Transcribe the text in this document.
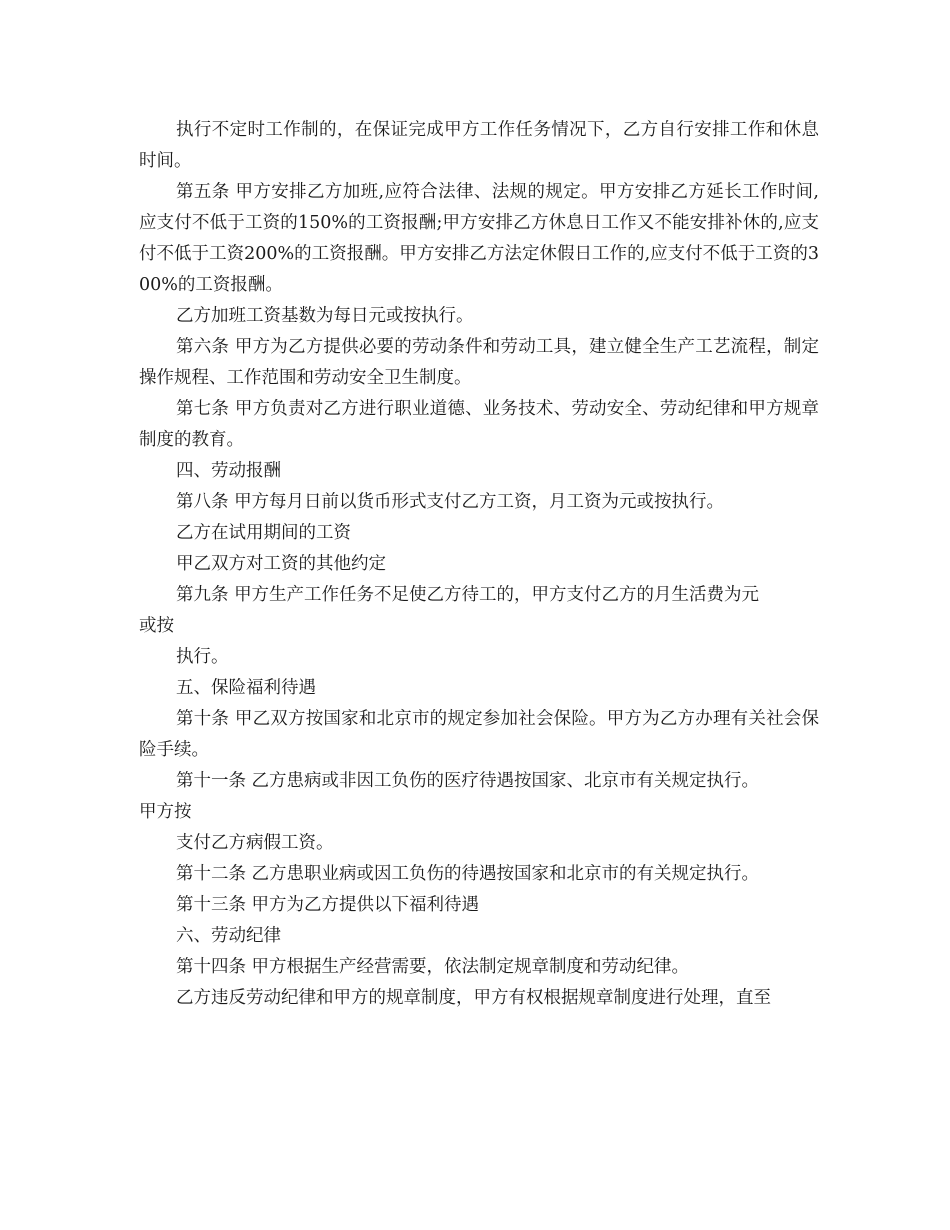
执行不定时工作制的，在保证完成甲方工作任务情况下，乙方自行安排工作和休息时间。

第五条 甲方安排乙方加班,应符合法律、法规的规定。甲方安排乙方延长工作时间,应支付不低于工资的150%的工资报酬;甲方安排乙方休息日工作又不能安排补休的,应支付不低于工资200%的工资报酬。甲方安排乙方法定休假日工作的,应支付不低于工资的300%的工资报酬。

乙方加班工资基数为每日元或按执行。

第六条 甲方为乙方提供必要的劳动条件和劳动工具，建立健全生产工艺流程，制定操作规程、工作范围和劳动安全卫生制度。

第七条 甲方负责对乙方进行职业道德、业务技术、劳动安全、劳动纪律和甲方规章制度的教育。

四、劳动报酬

第八条 甲方每月日前以货币形式支付乙方工资，月工资为元或按执行。

乙方在试用期间的工资

甲乙双方对工资的其他约定

第九条 甲方生产工作任务不足使乙方待工的，甲方支付乙方的月生活费为元

或按

执行。

五、保险福利待遇

第十条 甲乙双方按国家和北京市的规定参加社会保险。甲方为乙方办理有关社会保险手续。

第十一条 乙方患病或非因工负伤的医疗待遇按国家、北京市有关规定执行。

甲方按

支付乙方病假工资。

第十二条 乙方患职业病或因工负伤的待遇按国家和北京市的有关规定执行。

第十三条 甲方为乙方提供以下福利待遇

六、劳动纪律

第十四条 甲方根据生产经营需要，依法制定规章制度和劳动纪律。

乙方违反劳动纪律和甲方的规章制度，甲方有权根据规章制度进行处理，直至
